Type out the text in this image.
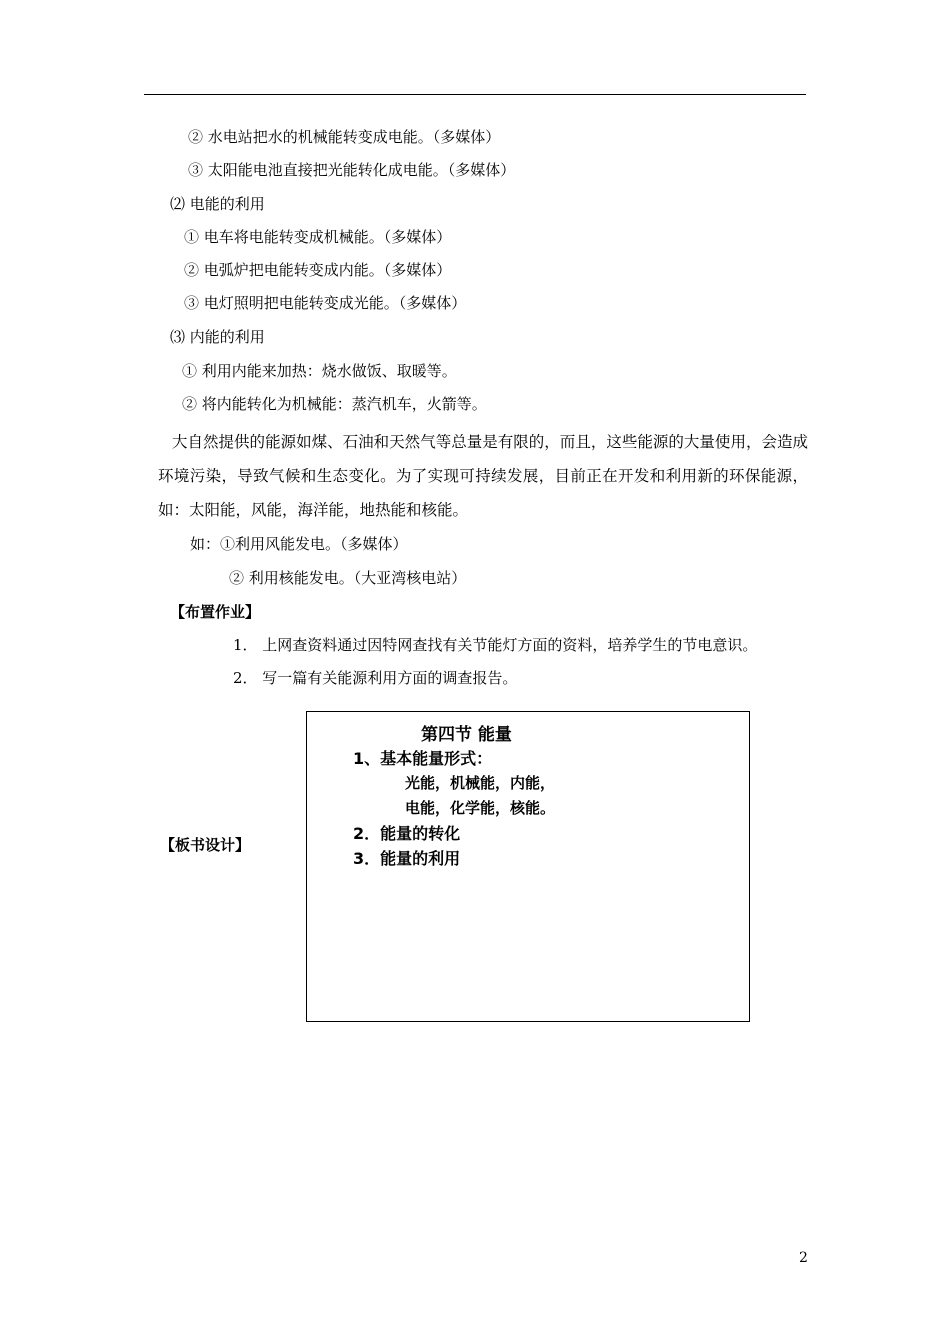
② 水电站把水的机械能转变成电能。（多媒体）
③ 太阳能电池直接把光能转化成电能。（多媒体）
⑵ 电能的利用
① 电车将电能转变成机械能。（多媒体）
② 电弧炉把电能转变成内能。（多媒体）
③ 电灯照明把电能转变成光能。（多媒体）
⑶ 内能的利用
① 利用内能来加热：烧水做饭、取暖等。
② 将内能转化为机械能：蒸汽机车，火箭等。
大自然提供的能源如煤、石油和天然气等总量是有限的，而且，这些能源的大量使用，会造成环境污染，导致气候和生态变化。为了实现可持续发展，目前正在开发和利用新的环保能源，如：太阳能，风能，海洋能，地热能和核能。
如：①利用风能发电。（多媒体）
② 利用核能发电。（大亚湾核电站）
【布置作业】
1． 上网查资料通过因特网查找有关节能灯方面的资料，培养学生的节电意识。
2． 写一篇有关能源利用方面的调查报告。
【板书设计】
第四节 能量
1、基本能量形式：
光能，机械能，内能，
电能，化学能，核能。
2．能量的转化
3．能量的利用
2
